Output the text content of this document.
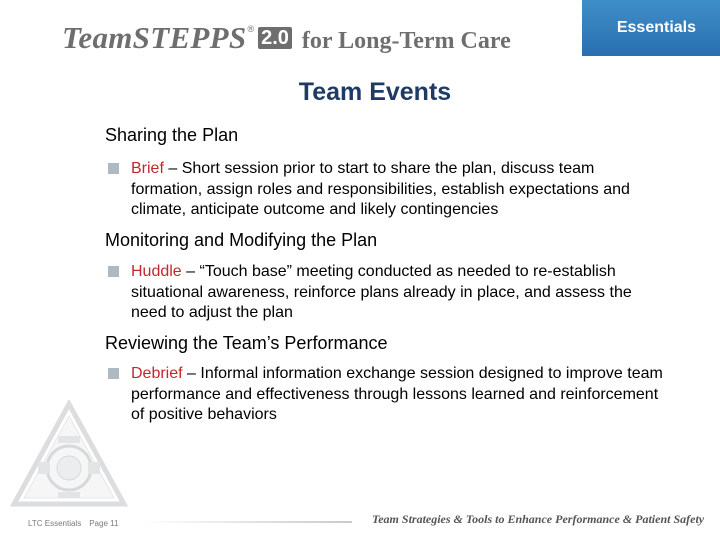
TeamSTEPPS ® 2.0 for Long-Term Care
Essentials
Team Events
Sharing the Plan
Brief – Short session prior to start to share the plan, discuss team formation, assign roles and responsibilities, establish expectations and climate, anticipate outcome and likely contingencies
Monitoring and Modifying the Plan
Huddle – “Touch base” meeting conducted as needed to re-establish situational awareness, reinforce plans already in place, and assess the need to adjust the plan
Reviewing the Team’s Performance
Debrief – Informal information exchange session designed to improve team performance and effectiveness through lessons learned and reinforcement of positive behaviors
LTC Essentials Page 11	Team Strategies & Tools to Enhance Performance & Patient Safety
